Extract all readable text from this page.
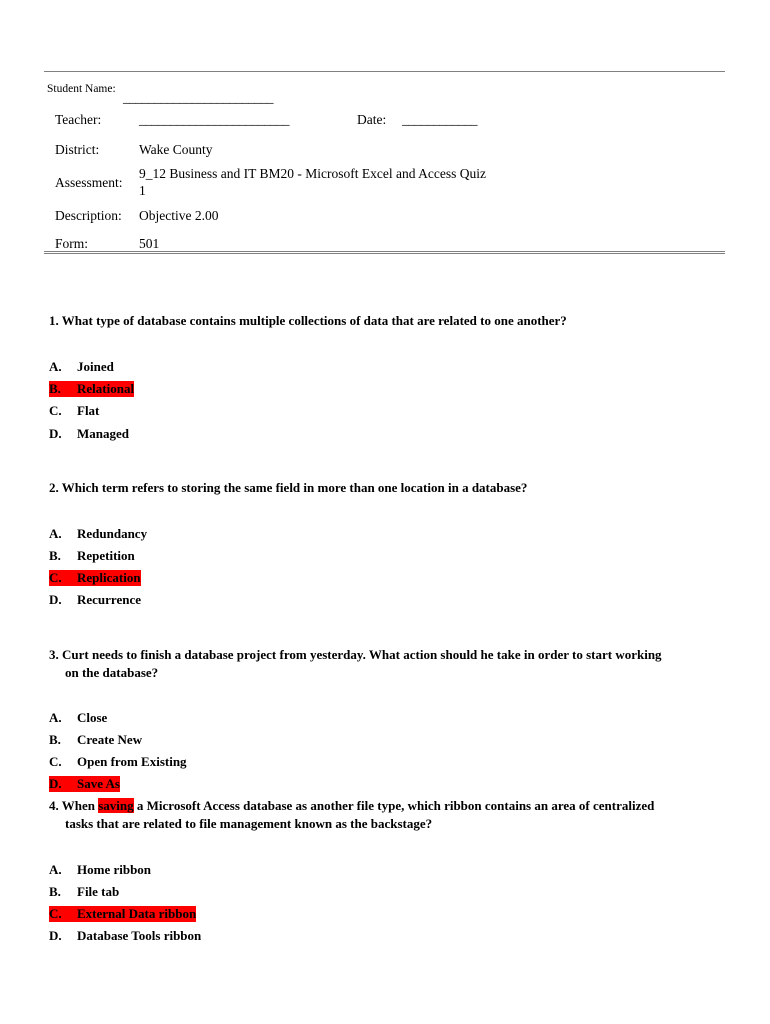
Student Name:
________________________
Teacher:	________________________	Date: ____________
District:	Wake County
Assessment:
9_12 Business and IT BM20 - Microsoft Excel and Access Quiz
1
Description: Objective 2.00
Form:	501
1. What type of database contains multiple collections of data that are related to one another?
A. Joined
B.	Relational
C. Flat
D. Managed
2. Which term refers to storing the same field in more than one location in a database?
A. Redundancy
B. Repetition
C.	Replication
D. Recurrence
3. Curt needs to finish a database project from yesterday. What action should he take in order to start working
on the database?
A. Close
B. Create New
C. Open from Existing
D.	Save As
4. When saving a Microsoft Access database as another file type, which ribbon contains an area of centralized
tasks that are related to file management known as the backstage?
A. Home ribbon
B. File tab
C.	External Data ribbon
D. Database Tools ribbon
